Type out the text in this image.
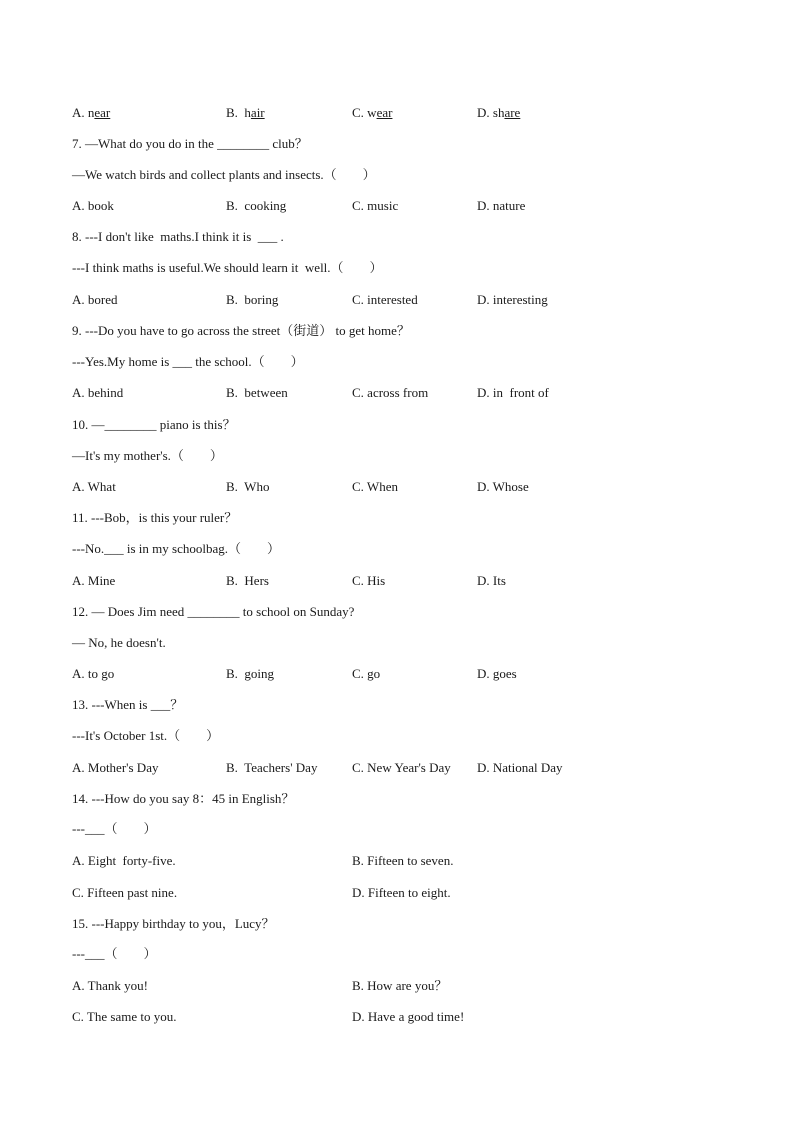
A. near	B.  hair	C. wear	D. share
7. —What do you do in the ________ club？
—We watch birds and collect plants and insects.（        ）
A. book	B.  cooking	C. music	D. nature
8. ---I don't like  maths.I think it is  ___ .
---I think maths is useful.We should learn it  well.（        ）
A. bored	B.  boring	C. interested	D. interesting
9. ---Do you have to go across the street（街道） to get home？
---Yes.My home is ___ the school.（        ）
A. behind	B.  between	C. across from	D. in  front of
10. —________ piano is this？
—It's my mother's.（        ）
A. What	B.  Who	C. When	D. Whose
11. ---Bob，is this your ruler？
---No.___ is in my schoolbag.（        ）
A. Mine	B.  Hers	C. His	D. Its
12. — Does Jim need ________ to school on Sunday?
— No, he doesn't.
A. to go	B.  going	C. go	D. goes
13. ---When is ___？
---It's October 1st.（        ）
A. Mother's Day	B.  Teachers' Day	C. New Year's Day D. National Day
14. ---How do you say 8：45 in English？
---___（        ）
A. Eight  forty-five.	B. Fifteen to seven.
C. Fifteen past nine.	D. Fifteen to eight.
15. ---Happy birthday to you，Lucy？
---___（        ）
A. Thank you!	B. How are you？
C. The same to you.	D. Have a good time!
